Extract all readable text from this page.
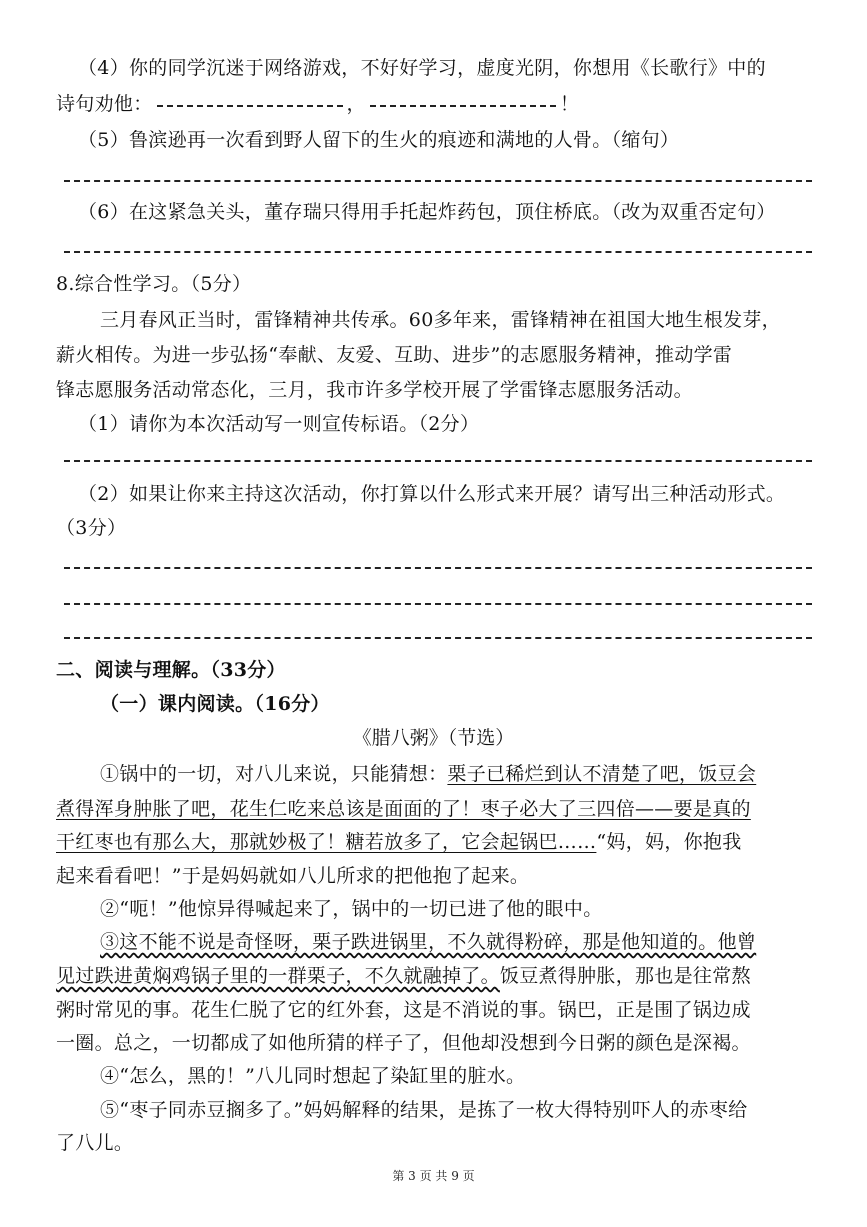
（4）你的同学沉迷于网络游戏，不好好学习，虚度光阴，你想用《长歌行》中的
诗句劝他：	，	！
（5）鲁滨逊再一次看到野人留下的生火的痕迹和满地的人骨。（缩句）
（6）在这紧急关头，董存瑞只得用手托起炸药包，顶住桥底。（改为双重否定句）
8.综合性学习。（5分）
三月春风正当时，雷锋精神共传承。60多年来，雷锋精神在祖国大地生根发芽，
薪火相传。为进一步弘扬“奉献、友爱、互助、进步”的志愿服务精神，推动学雷
锋志愿服务活动常态化，三月，我市许多学校开展了学雷锋志愿服务活动。
（1）请你为本次活动写一则宣传标语。（2分）
（2）如果让你来主持这次活动，你打算以什么形式来开展？请写出三种活动形式。
（3分）
二、阅读与理解。（33分）
（一）课内阅读。（16分）
《腊八粥》（节选）
①锅中的一切，对八儿来说，只能猜想：栗子已稀烂到认不清楚了吧，饭豆会
煮得浑身肿胀了吧，花生仁吃来总该是面面的了！枣子必大了三四倍——要是真的
干红枣也有那么大，那就妙极了！糖若放多了，它会起锅巴……“妈，妈，你抱我
起来看看吧！”于是妈妈就如八儿所求的把他抱了起来。
②“呃！”他惊异得喊起来了，锅中的一切已进了他的眼中。
③这不能不说是奇怪呀，栗子跌进锅里，不久就得粉碎，那是他知道的。他曾
见过跌进黄焖鸡锅子里的一群栗子，不久就融掉了。饭豆煮得肿胀，那也是往常熬
粥时常见的事。花生仁脱了它的红外套，这是不消说的事。锅巴，正是围了锅边成
一圈。总之，一切都成了如他所猜的样子了，但他却没想到今日粥的颜色是深褐。
④“怎么，黑的！”八儿同时想起了染缸里的脏水。
⑤“枣子同赤豆搁多了。”妈妈解释的结果，是拣了一枚大得特别吓人的赤枣给
了八儿。
第 3 页 共 9 页
